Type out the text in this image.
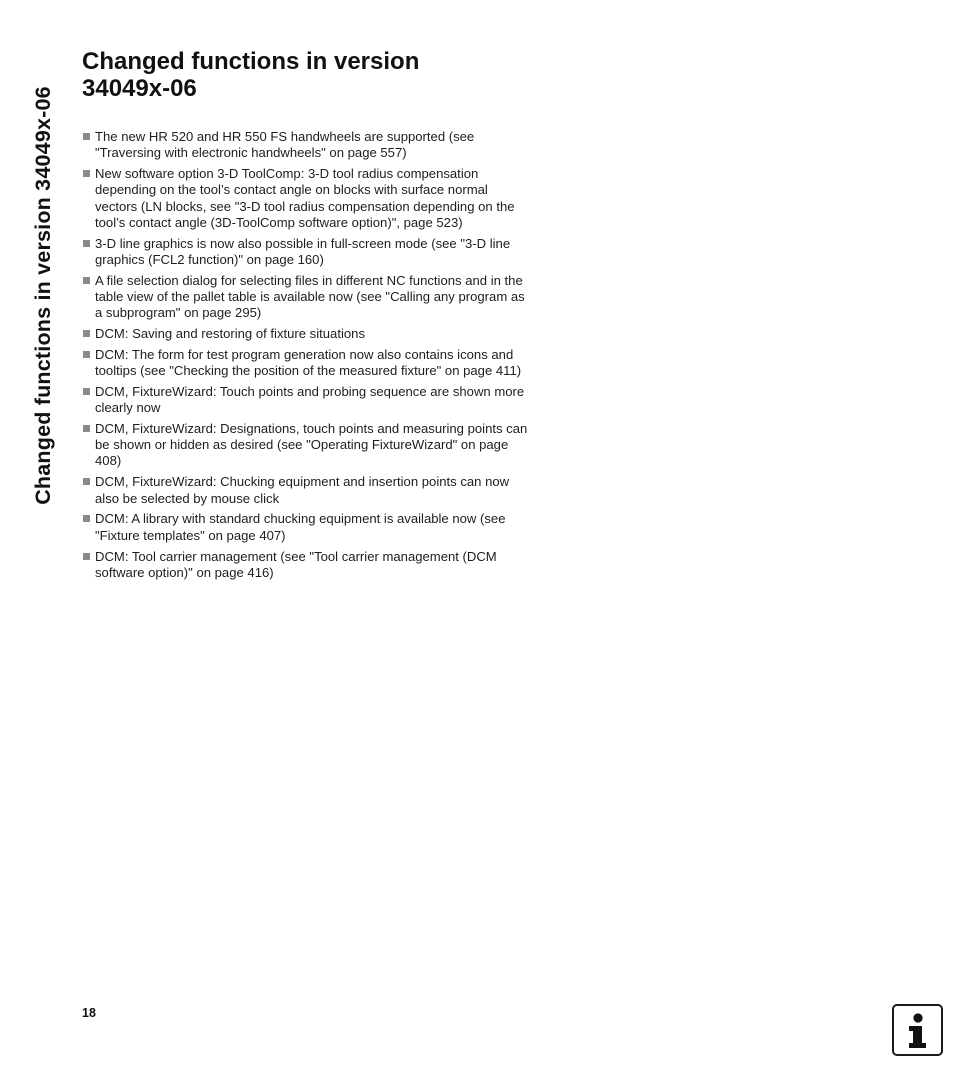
Changed functions in version 34049x-06
Changed functions in version
34049x-06
The new HR 520 and HR 550 FS handwheels are supported (see "Traversing with electronic handwheels" on page 557)
New software option 3-D ToolComp: 3-D tool radius compensation depending on the tool’s contact angle on blocks with surface normal vectors (LN blocks, see "3-D tool radius compensation depending on the tool’s contact angle (3D-ToolComp software option)", page 523)
3-D line graphics is now also possible in full-screen mode (see "3-D line graphics (FCL2 function)" on page 160)
A file selection dialog for selecting files in different NC functions and in the table view of the pallet table is available now (see "Calling any program as a subprogram" on page 295)
DCM: Saving and restoring of fixture situations
DCM: The form for test program generation now also contains icons and tooltips (see "Checking the position of the measured fixture" on page 411)
DCM, FixtureWizard: Touch points and probing sequence are shown more clearly now
DCM, FixtureWizard: Designations, touch points and measuring points can be shown or hidden as desired (see "Operating FixtureWizard" on page 408)
DCM, FixtureWizard: Chucking equipment and insertion points can now also be selected by mouse click
DCM: A library with standard chucking equipment is available now (see "Fixture templates" on page 407)
DCM: Tool carrier management (see "Tool carrier management (DCM software option)" on page 416)
18
